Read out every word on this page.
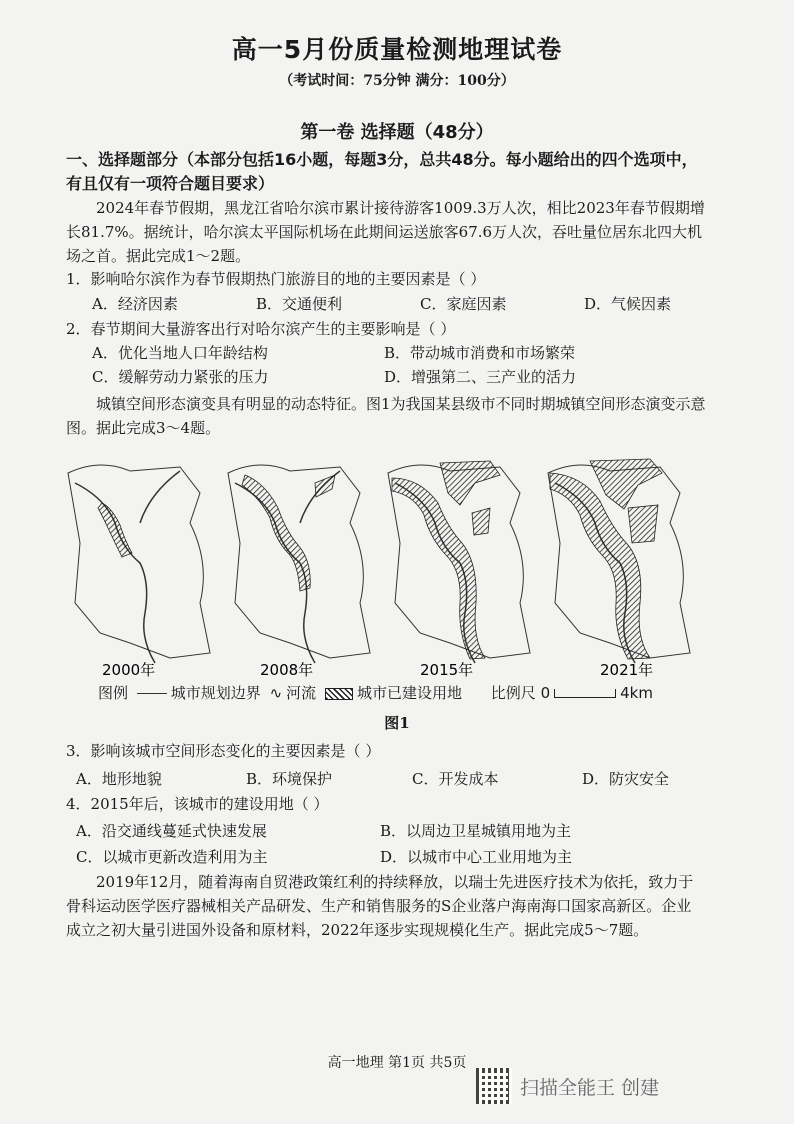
高一5月份质量检测地理试卷
（考试时间：75分钟 满分：100分）
第一卷 选择题（48分）
一、选择题部分（本部分包括16小题，每题3分，总共48分。每小题给出的四个选项中，有且仅有一项符合题目要求）
2024年春节假期，黑龙江省哈尔滨市累计接待游客1009.3万人次，相比2023年春节假期增长81.7%。据统计，哈尔滨太平国际机场在此期间运送旅客67.6万人次，吞吐量位居东北四大机场之首。据此完成1～2题。
1．影响哈尔滨作为春节假期热门旅游目的地的主要因素是（ ）
A．经济因素	B．交通便利	C．家庭因素	D．气候因素
2．春节期间大量游客出行对哈尔滨产生的主要影响是（ ）
A．优化当地人口年龄结构	B．带动城市消费和市场繁荣
C．缓解劳动力紧张的压力	D．增强第二、三产业的活力
城镇空间形态演变具有明显的动态特征。图1为我国某县级市不同时期城镇空间形态演变示意图。据此完成3～4题。
2000年	2008年	2015年	2021年
图例	城市规划边界 ∿ 河流	城市已建设用地 比例尺 0	4km
图1
3．影响该城市空间形态变化的主要因素是（ ）
A．地形地貌	B．环境保护	C．开发成本	D．防灾安全
4．2015年后，该城市的建设用地（ ）
A．沿交通线蔓延式快速发展	B．以周边卫星城镇用地为主
C．以城市更新改造利用为主	D．以城市中心工业用地为主
2019年12月，随着海南自贸港政策红利的持续释放，以瑞士先进医疗技术为依托，致力于骨科运动医学医疗器械相关产品研发、生产和销售服务的S企业落户海南海口国家高新区。企业成立之初大量引进国外设备和原材料，2022年逐步实现规模化生产。据此完成5～7题。
高一地理 第1页 共5页
扫描全能王 创建
